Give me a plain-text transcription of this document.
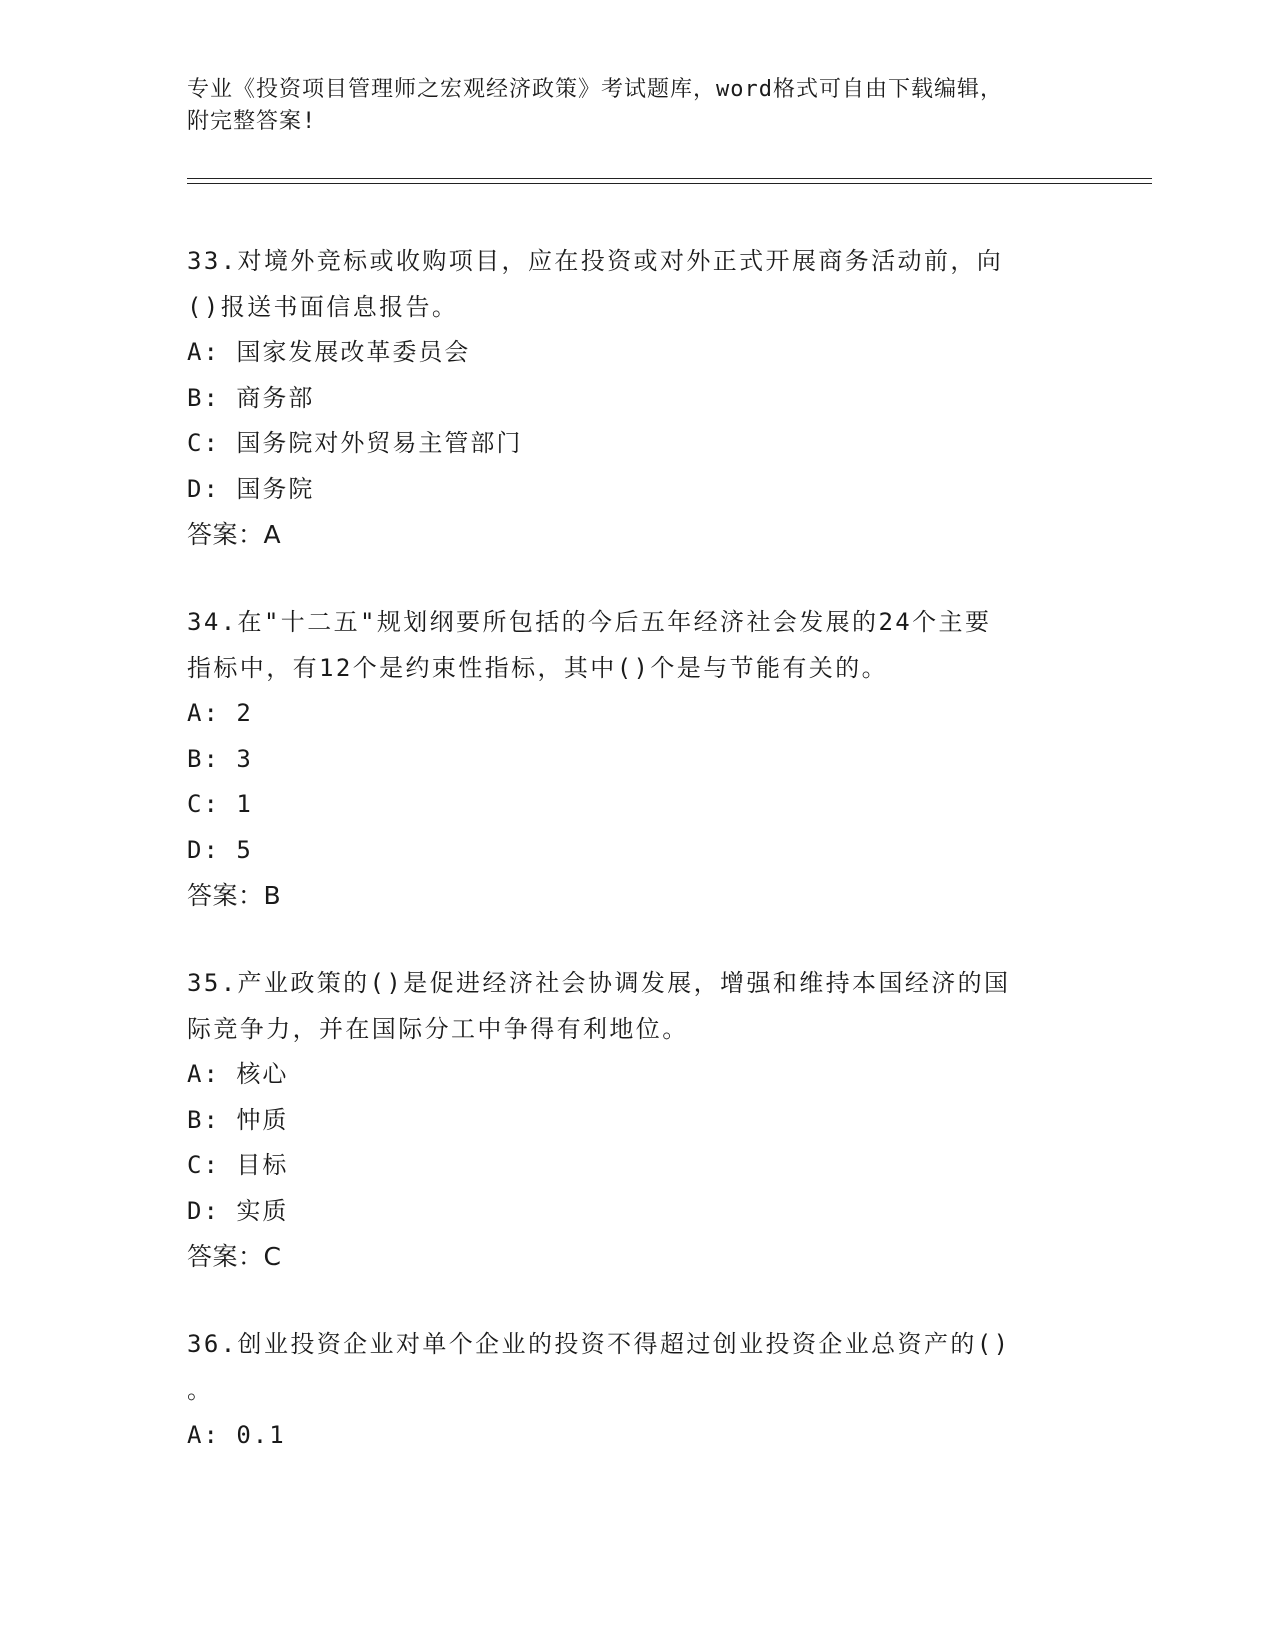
专业《投资项目管理师之宏观经济政策》考试题库，word格式可自由下载编辑，
附完整答案!

33.对境外竞标或收购项目，应在投资或对外正式开展商务活动前，向

()报送书面信息报告。

A: 国家发展改革委员会

B: 商务部

C: 国务院对外贸易主管部门

D: 国务院

答案：A

34.在"十二五"规划纲要所包括的今后五年经济社会发展的24个主要

指标中，有12个是约束性指标，其中()个是与节能有关的。

A: 2

B: 3

C: 1

D: 5

答案：B

35.产业政策的()是促进经济社会协调发展，增强和维持本国经济的国

际竞争力，并在国际分工中争得有利地位。

A: 核心

B: 忡质

C: 目标

D: 实质

答案：C

36.创业投资企业对单个企业的投资不得超过创业投资企业总资产的()

。

A: 0.1
